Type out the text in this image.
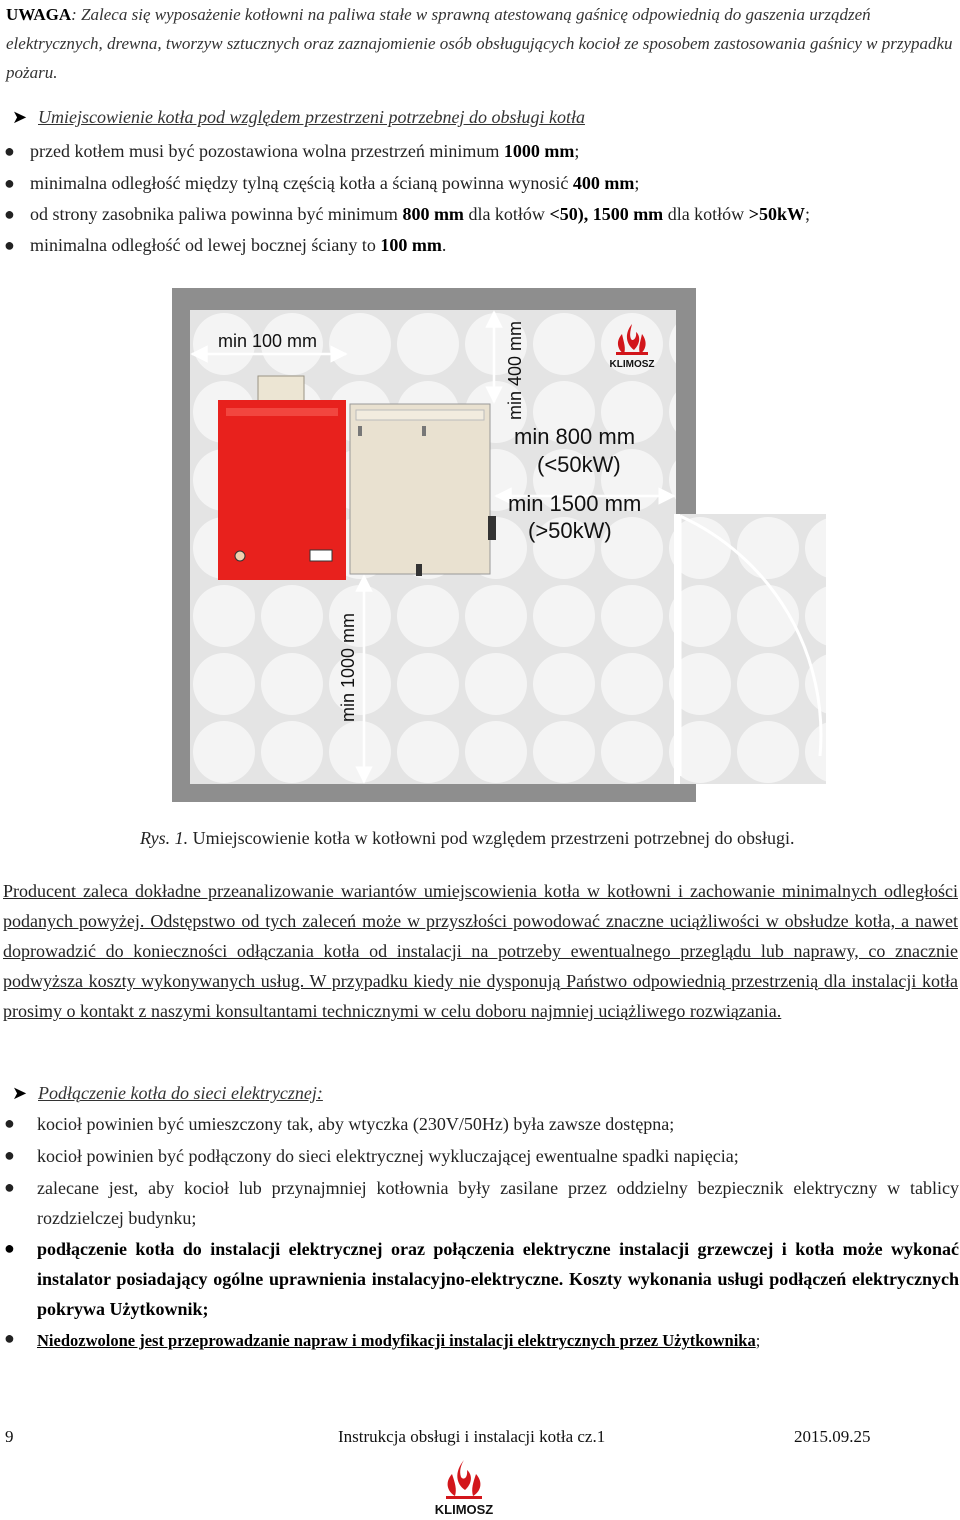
UWAGA: Zaleca się wyposażenie kotłowni na paliwa stałe w sprawną atestowaną gaśnicę odpowiednią do gaszenia urządzeń elektrycznych, drewna, tworzyw sztucznych oraz zaznajomienie osób obsługujących kocioł ze sposobem zastosowania gaśnicy w przypadku pożaru.
➤ Umiejscowienie kotła pod względem przestrzeni potrzebnej do obsługi kotła
● przed kotłem musi być pozostawiona wolna przestrzeń minimum 1000 mm;
● minimalna odległość między tylną częścią kotła a ścianą powinna wynosić 400 mm;
● od strony zasobnika paliwa powinna być minimum 800 mm dla kotłów <50), 1500 mm dla kotłów >50kW;
● minimalna odległość od lewej bocznej ściany to 100 mm.
min 100 mm	min 400 mm
min 800 mm
(<50kW)
min 1500 mm
(>50kW)
min 1000 mm
KLIMOSZ
Rys. 1. Umiejscowienie kotła w kotłowni pod względem przestrzeni potrzebnej do obsługi.
Producent zaleca dokładne przeanalizowanie wariantów umiejscowienia kotła w kotłowni i zachowanie minimalnych odległości podanych powyżej. Odstępstwo od tych zaleceń może w przyszłości powodować znaczne uciążliwości w obsłudze kotła, a nawet doprowadzić do konieczności odłączania kotła od instalacji na potrzeby ewentualnego przeglądu lub naprawy, co znacznie podwyższa koszty wykonywanych usług. W przypadku kiedy nie dysponują Państwo odpowiednią przestrzenią dla instalacji kotła prosimy o kontakt z naszymi konsultantami technicznymi w celu doboru najmniej uciążliwego rozwiązania.
➤ Podłączenie kotła do sieci elektrycznej:
● kocioł powinien być umieszczony tak, aby wtyczka (230V/50Hz) była zawsze dostępna;
● kocioł powinien być podłączony do sieci elektrycznej wykluczającej ewentualne spadki napięcia;
● zalecane jest, aby kocioł lub przynajmniej kotłownia były zasilane przez oddzielny bezpiecznik elektryczny w tablicy rozdzielczej budynku;
● podłączenie kotła do instalacji elektrycznej oraz połączenia elektryczne instalacji grzewczej i kotła może wykonać instalator posiadający ogólne uprawnienia instalacyjno-elektryczne. Koszty wykonania usługi podłączeń elektrycznych pokrywa Użytkownik;
● Niedozwolone jest przeprowadzanie napraw i modyfikacji instalacji elektrycznych przez Użytkownika;
9	Instrukcja obsługi i instalacji kotła cz.1	2015.09.25
KLIMOSZ
